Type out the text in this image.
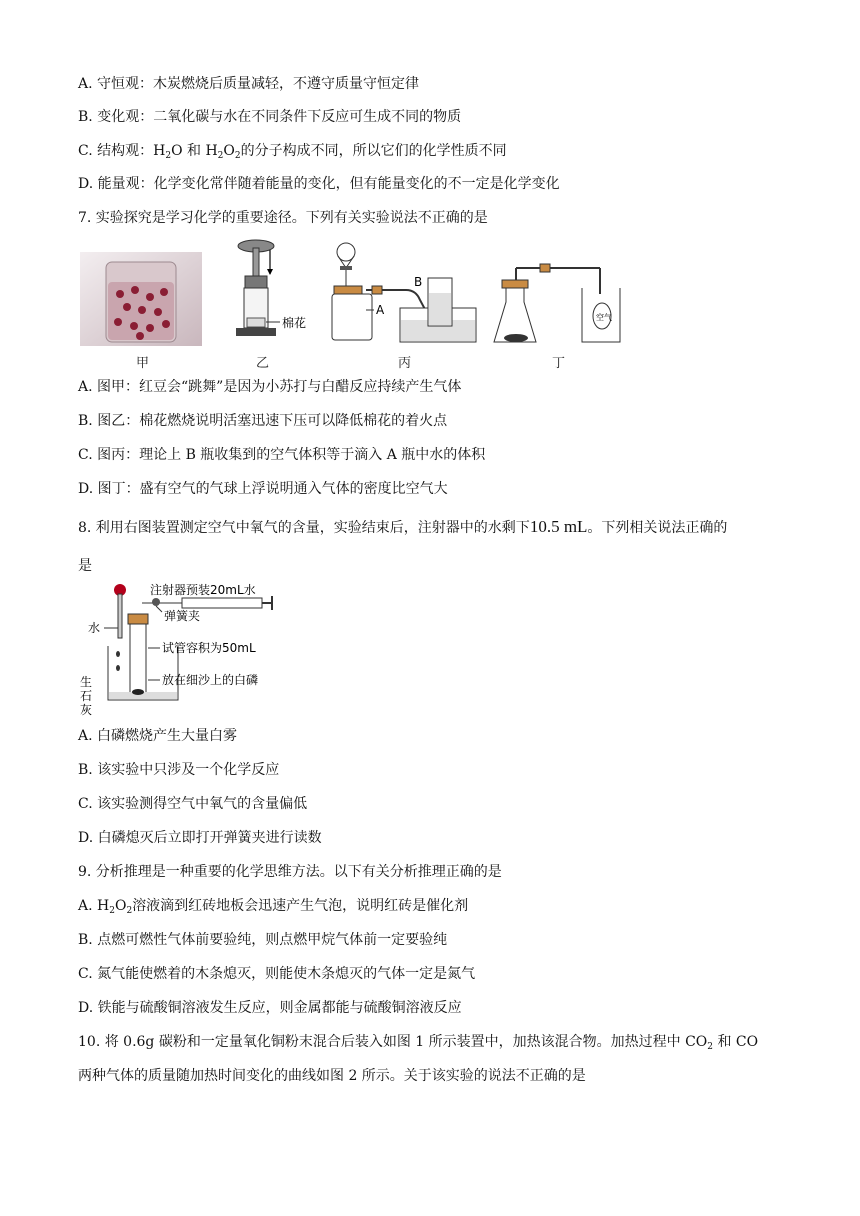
A. 守恒观：木炭燃烧后质量减轻，不遵守质量守恒定律
B. 变化观：二氧化碳与水在不同条件下反应可生成不同的物质
C. 结构观：$H_2O$ 和 $H_2O_2$的分子构成不同，所以它们的化学性质不同
D. 能量观：化学变化常伴随着能量的变化，但有能量变化的不一定是化学变化
7. 实验探究是学习化学的重要途径。下列有关实验说法不正确的是
甲
棉花
乙
A
B
丙
空气
丁
A. 图甲：红豆会“跳舞”是因为小苏打与白醋反应持续产生气体
B. 图乙：棉花燃烧说明活塞迅速下压可以降低棉花的着火点
C. 图丙：理论上 B 瓶收集到的空气体积等于滴入 A 瓶中水的体积
D. 图丁：盛有空气的气球上浮说明通入气体的密度比空气大
8. 利用右图装置测定空气中氧气的含量，实验结束后，注射器中的水剩下10.5 mL。下列相关说法正确的
是
注射器预装20mL水
弹簧夹
水
试管容积为50mL
放在细沙上的白磷
生
石
灰
A. 白磷燃烧产生大量白雾
B. 该实验中只涉及一个化学反应
C. 该实验测得空气中氧气的含量偏低
D. 白磷熄灭后立即打开弹簧夹进行读数
9. 分析推理是一种重要的化学思维方法。以下有关分析推理正确的是
A. $H_2O_2$溶液滴到红砖地板会迅速产生气泡，说明红砖是催化剂
B. 点燃可燃性气体前要验纯，则点燃甲烷气体前一定要验纯
C. 氮气能使燃着的木条熄灭，则能使木条熄灭的气体一定是氮气
D. 铁能与硫酸铜溶液发生反应，则金属都能与硫酸铜溶液反应
10. 将 0.6g 碳粉和一定量氧化铜粉末混合后装入如图 1 所示装置中，加热该混合物。加热过程中 $CO_2$ 和 CO
两种气体的质量随加热时间变化的曲线如图 2 所示。关于该实验的说法不正确的是
